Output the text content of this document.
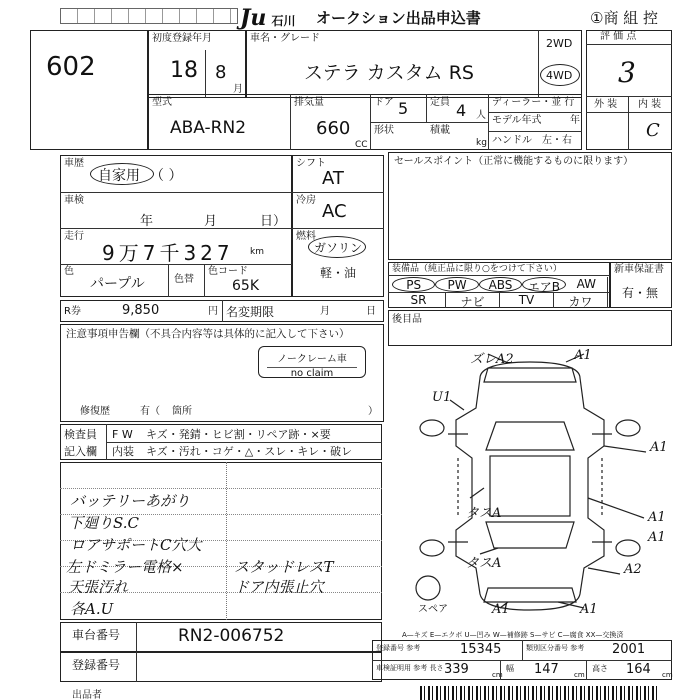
Ju 石川	オークション出品申込書	①商 組 控
602
初度登録年月
18 8
月
車名・グレード
ステラ カスタム RS
2WD
4WD
評 価 点
3
外 装 内 装
C
型式
ABA-RN2
排気量
660
CC
ドア 5 定員 4 人
形状	積載
kg
ディーラー・並 行
モデル年式	年
ハンドル 左・右
車歴
自家用 （ ）
車検
年	月	日）
走行
9万7千327 km
色
パープル	色替
色コード
65K
シフト
AT
冷房
AC
燃料
ガソリン
軽・油
R券	9,850	円 名変期限	月	日
セールスポイント（正常に機能するものに限ります）
装備品（純正品に限り○をつけて下さい）
PS	PW	ABS	エアB	AW
SR	ナビ	TV	カワ
新車保証書
有・無
後目品
注意事項申告欄（不具合内容等は具体的に記入して下さい）
ノークレーム車
no claim
修復歴	有（ 箇所	）
検査員
記入欄
F W キズ・発錆・ヒビ割・リペア跡・×要
内装 キズ・汚れ・コゲ・△・スレ・キレ・破レ
バッテリーあがり
下廻りS.C
ロアサポートC穴大
左ドミラー電格×
天張汚れ
各A.U
スタッドレスT
ドア内張止穴
ズレA2	A1
U1
A1
A1
A1
タスA
タスA	A2
A1	A1
スペア
A—キズ E—エクボ U—凹み W—補修跡 S—サビ C—腐食 XX—交換済
車台番号	RN2-006752
登録番号
出品者
登録番号 参考	15345	類別区分番号 参考 2001
車検証明用 参考 長さ 339	cm
幅 147 cm
高さ 164 cm
